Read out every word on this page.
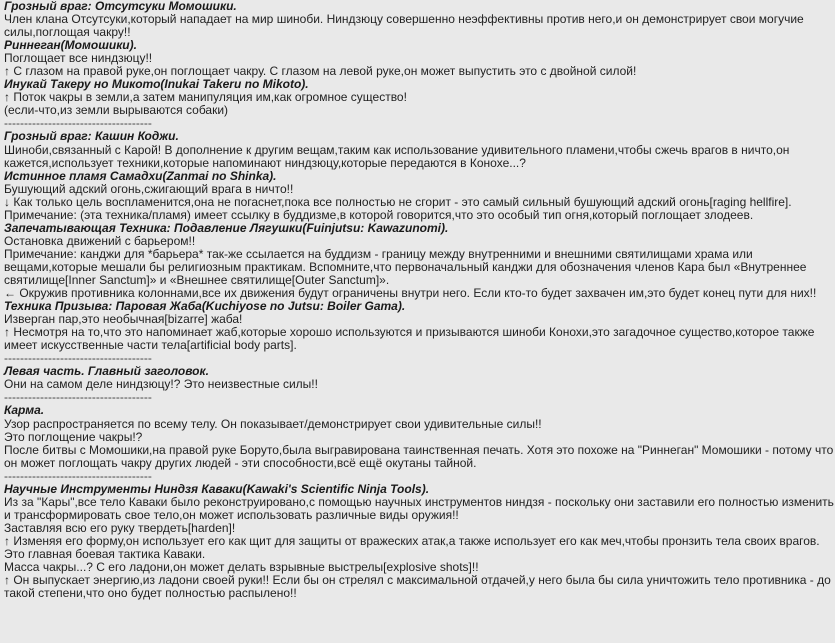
Грозный враг: Отсутсуки Момошики.
Член клана Отсутсуки,который нападает на мир шиноби. Ниндзюцу совершенно неэффективны против него,и он демонстрирует свои могучие
силы,поглощая чакру!!
Риннеган(Момошики).
Поглощает все ниндзюцу!!
↑ С глазом на правой руке,он поглощает чакру. С глазом на левой руке,он может выпустить это с двойной силой!
Инукай Такеру но Микото(Inukai Takeru no Mikoto).
↑ Поток чакры в земли,а затем манипуляция им,как огромное существо!
(если-что,из земли вырываются собаки)
-------------------------------------
Грозный враг: Кашин Коджи.
Шиноби,связанный с Карой! В дополнение к другим вещам,таким как использование удивительного пламени,чтобы сжечь врагов в ничто,он
кажется,использует техники,которые напоминают ниндзюцу,которые передаются в Конохе...?
Истинное пламя Самадхи(Zanmai no Shinka).
Бушующий адский огонь,сжигающий врага в ничто!!
↓ Как только цель воспламенится,она не погаснет,пока все полностью не сгорит - это самый сильный бушующий адский огонь[raging hellfire].
Примечание: (эта техника/пламя) имеет ссылку в буддизме,в которой говорится,что это особый тип огня,который поглощает злодеев.
Запечатывающая Техника: Подавление Лягушки(Fuinjutsu: Kawazunomi).
Остановка движений с барьером!!
Примечание: канджи для *барьера* так-же ссылается на буддизм - границу между внутренними и внешними святилищами храма или
вещами,которые мешали бы религиозным практикам. Вспомните,что первоначальный канджи для обозначения членов Кара был «Внутреннее
святилище[Inner Sanctum]» и «Внешнее святилище[Outer Sanctum]».
← Окружив противника колоннами,все их движения будут ограничены внутри него. Если кто-то будет захвачен им,это будет конец пути для них!!
Техника Призыва: Паровая Жаба(Kuchiyose no Jutsu: Boiler Gama).
Изверган пар,это необычная[bizarre] жаба!
↑ Несмотря на то,что это напоминает жаб,которые хорошо используются и призываются шиноби Конохи,это загадочное существо,которое также
имеет искусственные части тела[artificial body parts].
-------------------------------------
Левая часть. Главный заголовок.
Они на самом деле ниндзюцу!? Это неизвестные силы!!
-------------------------------------
Карма.
Узор распространяется по всему телу. Он показывает/демонстрирует свои удивительные силы!!
Это поглощение чакры!?
После битвы с Момошики,на правой руке Боруто,была выгравирована таинственная печать. Хотя это похоже на "Риннеган" Момошики - потому что
он может поглощать чакру других людей - эти способности,всё ещё окутаны тайной.
-------------------------------------
Научные Инструменты Ниндзя Каваки(Kawaki's Scientific Ninja Tools).
Из за "Кары",все тело Каваки было реконструировано,с помощью научных инструментов ниндзя - поскольку они заставили его полностью изменить
и трансформировать свое тело,он может использовать различные виды оружия!!
Заставляя всю его руку твердеть[harden]!
↑ Изменяя его форму,он использует его как щит для защиты от вражеских атак,а также использует его как меч,чтобы пронзить тела своих врагов.
Это главная боевая тактика Каваки.
Масса чакры...? С его ладони,он может делать взрывные выстрелы[explosive shots]!!
↑ Он выпускает энергию,из ладони своей руки!! Если бы он стрелял с максимальной отдачей,у него была бы сила уничтожить тело противника - до
такой степени,что оно будет полностью распылено!!
